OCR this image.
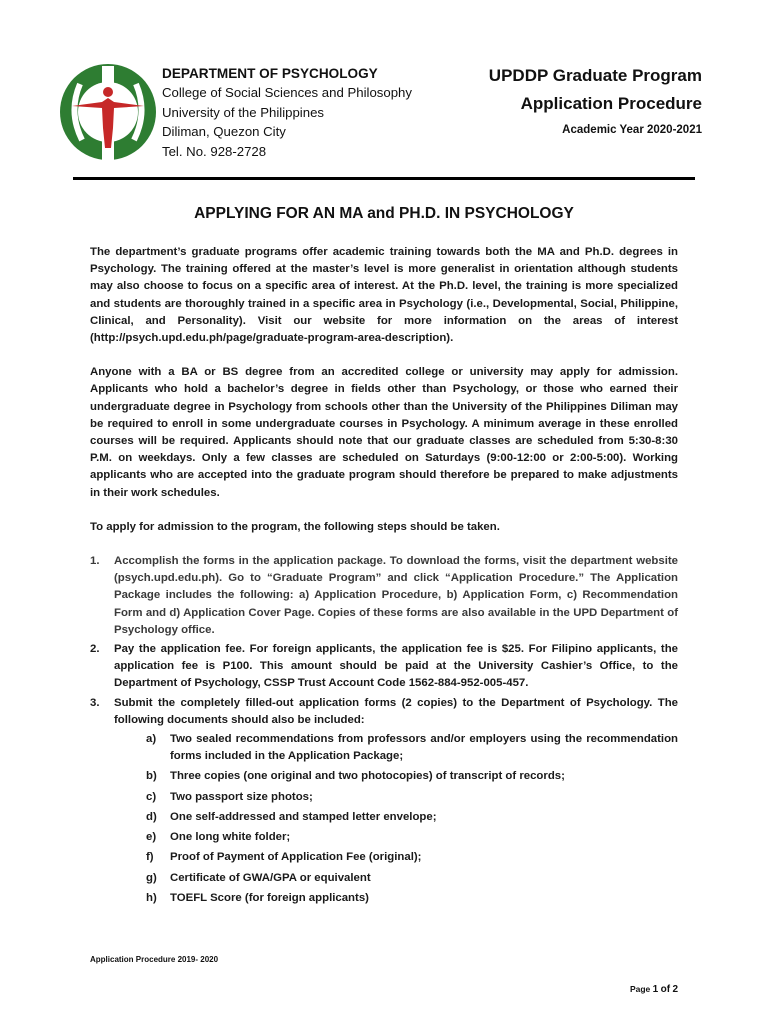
DEPARTMENT OF PSYCHOLOGY
College of Social Sciences and Philosophy
University of the Philippines
Diliman, Quezon City
Tel. No. 928-2728
UPDDP Graduate Program
Application Procedure
Academic Year 2020-2021
APPLYING FOR AN MA and PH.D. IN PSYCHOLOGY

The department’s graduate programs offer academic training towards both the MA and Ph.D. degrees in Psychology. The training offered at the master’s level is more generalist in orientation although students may also choose to focus on a specific area of interest. At the Ph.D. level, the training is more specialized and students are thoroughly trained in a specific area in Psychology (i.e., Developmental, Social, Philippine, Clinical, and Personality). Visit our website for more information on the areas of interest (http://psych.upd.edu.ph/page/graduate-program-area-description).

Anyone with a BA or BS degree from an accredited college or university may apply for admission. Applicants who hold a bachelor’s degree in fields other than Psychology, or those who earned their undergraduate degree in Psychology from schools other than the University of the Philippines Diliman may be required to enroll in some undergraduate courses in Psychology. A minimum average in these enrolled courses will be required. Applicants should note that our graduate classes are scheduled from 5:30-8:30 P.M. on weekdays. Only a few classes are scheduled on Saturdays (9:00-12:00 or 2:00-5:00). Working applicants who are accepted into the graduate program should therefore be prepared to make adjustments in their work schedules.

To apply for admission to the program, the following steps should be taken.

1. Accomplish the forms in the application package. To download the forms, visit the department website (psych.upd.edu.ph). Go to “Graduate Program” and click “Application Procedure.” The Application Package includes the following: a) Application Procedure, b) Application Form, c) Recommendation Form and d) Application Cover Page. Copies of these forms are also available in the UPD Department of Psychology office.
2. Pay the application fee. For foreign applicants, the application fee is $25. For Filipino applicants, the application fee is P100. This amount should be paid at the University Cashier’s Office, to the Department of Psychology, CSSP Trust Account Code 1562-884-952-005-457.
3. Submit the completely filled-out application forms (2 copies) to the Department of Psychology. The following documents should also be included:
a) Two sealed recommendations from professors and/or employers using the recommendation forms included in the Application Package;
b) Three copies (one original and two photocopies) of transcript of records;
c) Two passport size photos;
d) One self-addressed and stamped letter envelope;
e) One long white folder;
f) Proof of Payment of Application Fee (original);
g) Certificate of GWA/GPA or equivalent
h) TOEFL Score (for foreign applicants)
Application Procedure 2019- 2020
Page 1 of 2
